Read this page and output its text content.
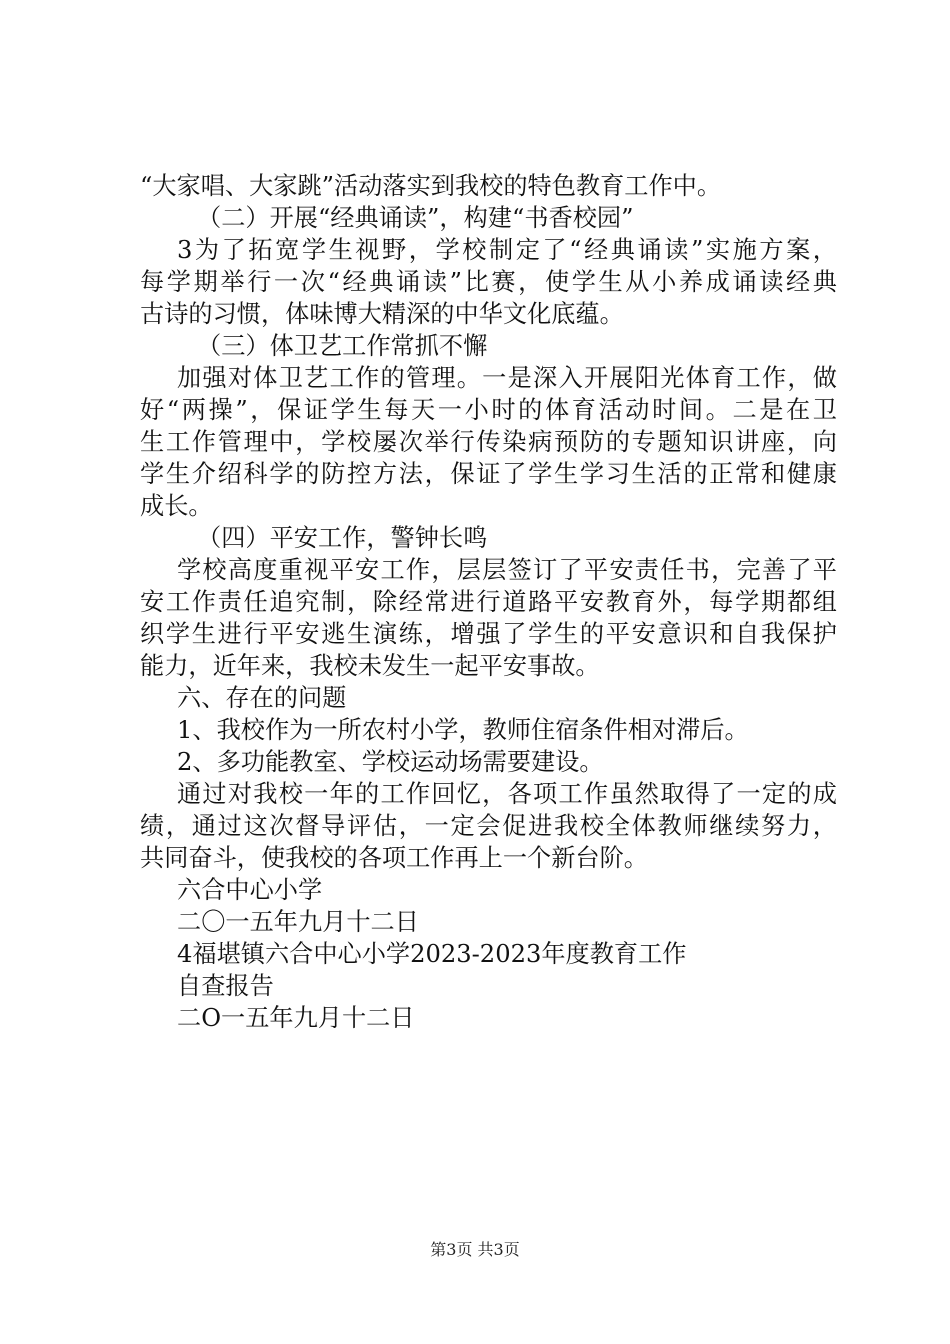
“大家唱、大家跳”活动落实到我校的特色教育工作中。
（二）开展“经典诵读”，构建“书香校园”
3为了拓宽学生视野，学校制定了“经典诵读”实施方案，
每学期举行一次“经典诵读”比赛，使学生从小养成诵读经典
古诗的习惯，体味博大精深的中华文化底蕴。
（三）体卫艺工作常抓不懈
加强对体卫艺工作的管理。一是深入开展阳光体育工作，做
好“两操”，保证学生每天一小时的体育活动时间。二是在卫
生工作管理中，学校屡次举行传染病预防的专题知识讲座，向
学生介绍科学的防控方法，保证了学生学习生活的正常和健康
成长。
（四）平安工作，警钟长鸣
学校高度重视平安工作，层层签订了平安责任书，完善了平
安工作责任追究制，除经常进行道路平安教育外，每学期都组
织学生进行平安逃生演练，增强了学生的平安意识和自我保护
能力，近年来，我校未发生一起平安事故。
六、存在的问题
1、我校作为一所农村小学，教师住宿条件相对滞后。
2、多功能教室、学校运动场需要建设。
通过对我校一年的工作回忆，各项工作虽然取得了一定的成
绩，通过这次督导评估，一定会促进我校全体教师继续努力，
共同奋斗，使我校的各项工作再上一个新台阶。
六合中心小学
二〇一五年九月十二日
4福堪镇六合中心小学2023-2023年度教育工作
自查报告
二O一五年九月十二日
第3页 共3页
